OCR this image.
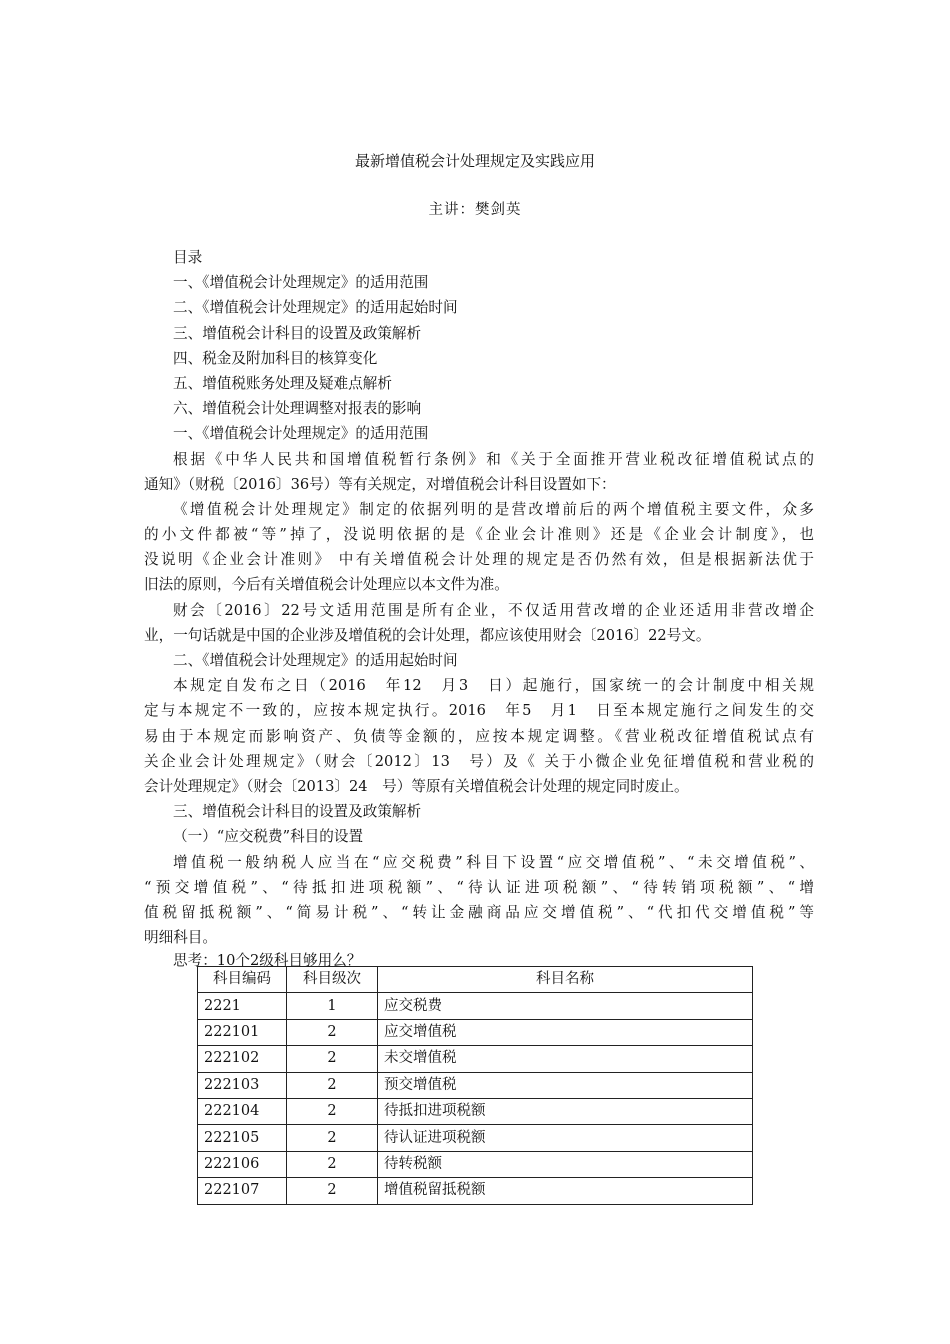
最新增值税会计处理规定及实践应用
主讲：樊剑英
目录
一、《增值税会计处理规定》的适用范围
二、《增值税会计处理规定》的适用起始时间
三、增值税会计科目的设置及政策解析
四、税金及附加科目的核算变化
五、增值税账务处理及疑难点解析
六、增值税会计处理调整对报表的影响
一、《增值税会计处理规定》的适用范围
根据《中华人民共和国增值税暂行条例》和《关于全面推开营业税改征增值税试点的
通知》（财税〔2016〕36号）等有关规定，对增值税会计科目设置如下：
《增值税会计处理规定》制定的依据列明的是营改增前后的两个增值税主要文件，众多
的小文件都被“等”掉了，没说明依据的是《企业会计准则》还是《企业会计制度》，也
没说明《企业会计准则》 中有关增值税会计处理的规定是否仍然有效，但是根据新法优于
旧法的原则，今后有关增值税会计处理应以本文件为准。
财会〔2016〕22号文适用范围是所有企业，不仅适用营改增的企业还适用非营改增企
业，一句话就是中国的企业涉及增值税的会计处理，都应该使用财会〔2016〕22号文。
二、《增值税会计处理规定》的适用起始时间
本规定自发布之日（2016　年12　月3　日）起施行，国家统一的会计制度中相关规
定与本规定不一致的，应按本规定执行。2016　年5　月1　日至本规定施行之间发生的交
易由于本规定而影响资产、负债等金额的，应按本规定调整。《营业税改征增值税试点有
关企业会计处理规定》（财会〔2012〕13　号）及《 关于小微企业免征增值税和营业税的
会计处理规定》（财会〔2013〕24　号）等原有关增值税会计处理的规定同时废止。
三、增值税会计科目的设置及政策解析
（一）“应交税费”科目的设置
增值税一般纳税人应当在“应交税费”科目下设置“应交增值税”、“未交增值税”、
“预交增值税”、“待抵扣进项税额”、“待认证进项税额”、“待转销项税额”、“增
值税留抵税额”、“简易计税”、“转让金融商品应交增值税”、“代扣代交增值税”等
明细科目。
思考：10个2级科目够用么？
科目编码	科目级次	科目名称
2221	1	应交税费
222101	2	应交增值税
222102	2	未交增值税
222103	2	预交增值税
222104	2	待抵扣进项税额
222105	2	待认证进项税额
222106	2	待转税额
222107	2	增值税留抵税额
